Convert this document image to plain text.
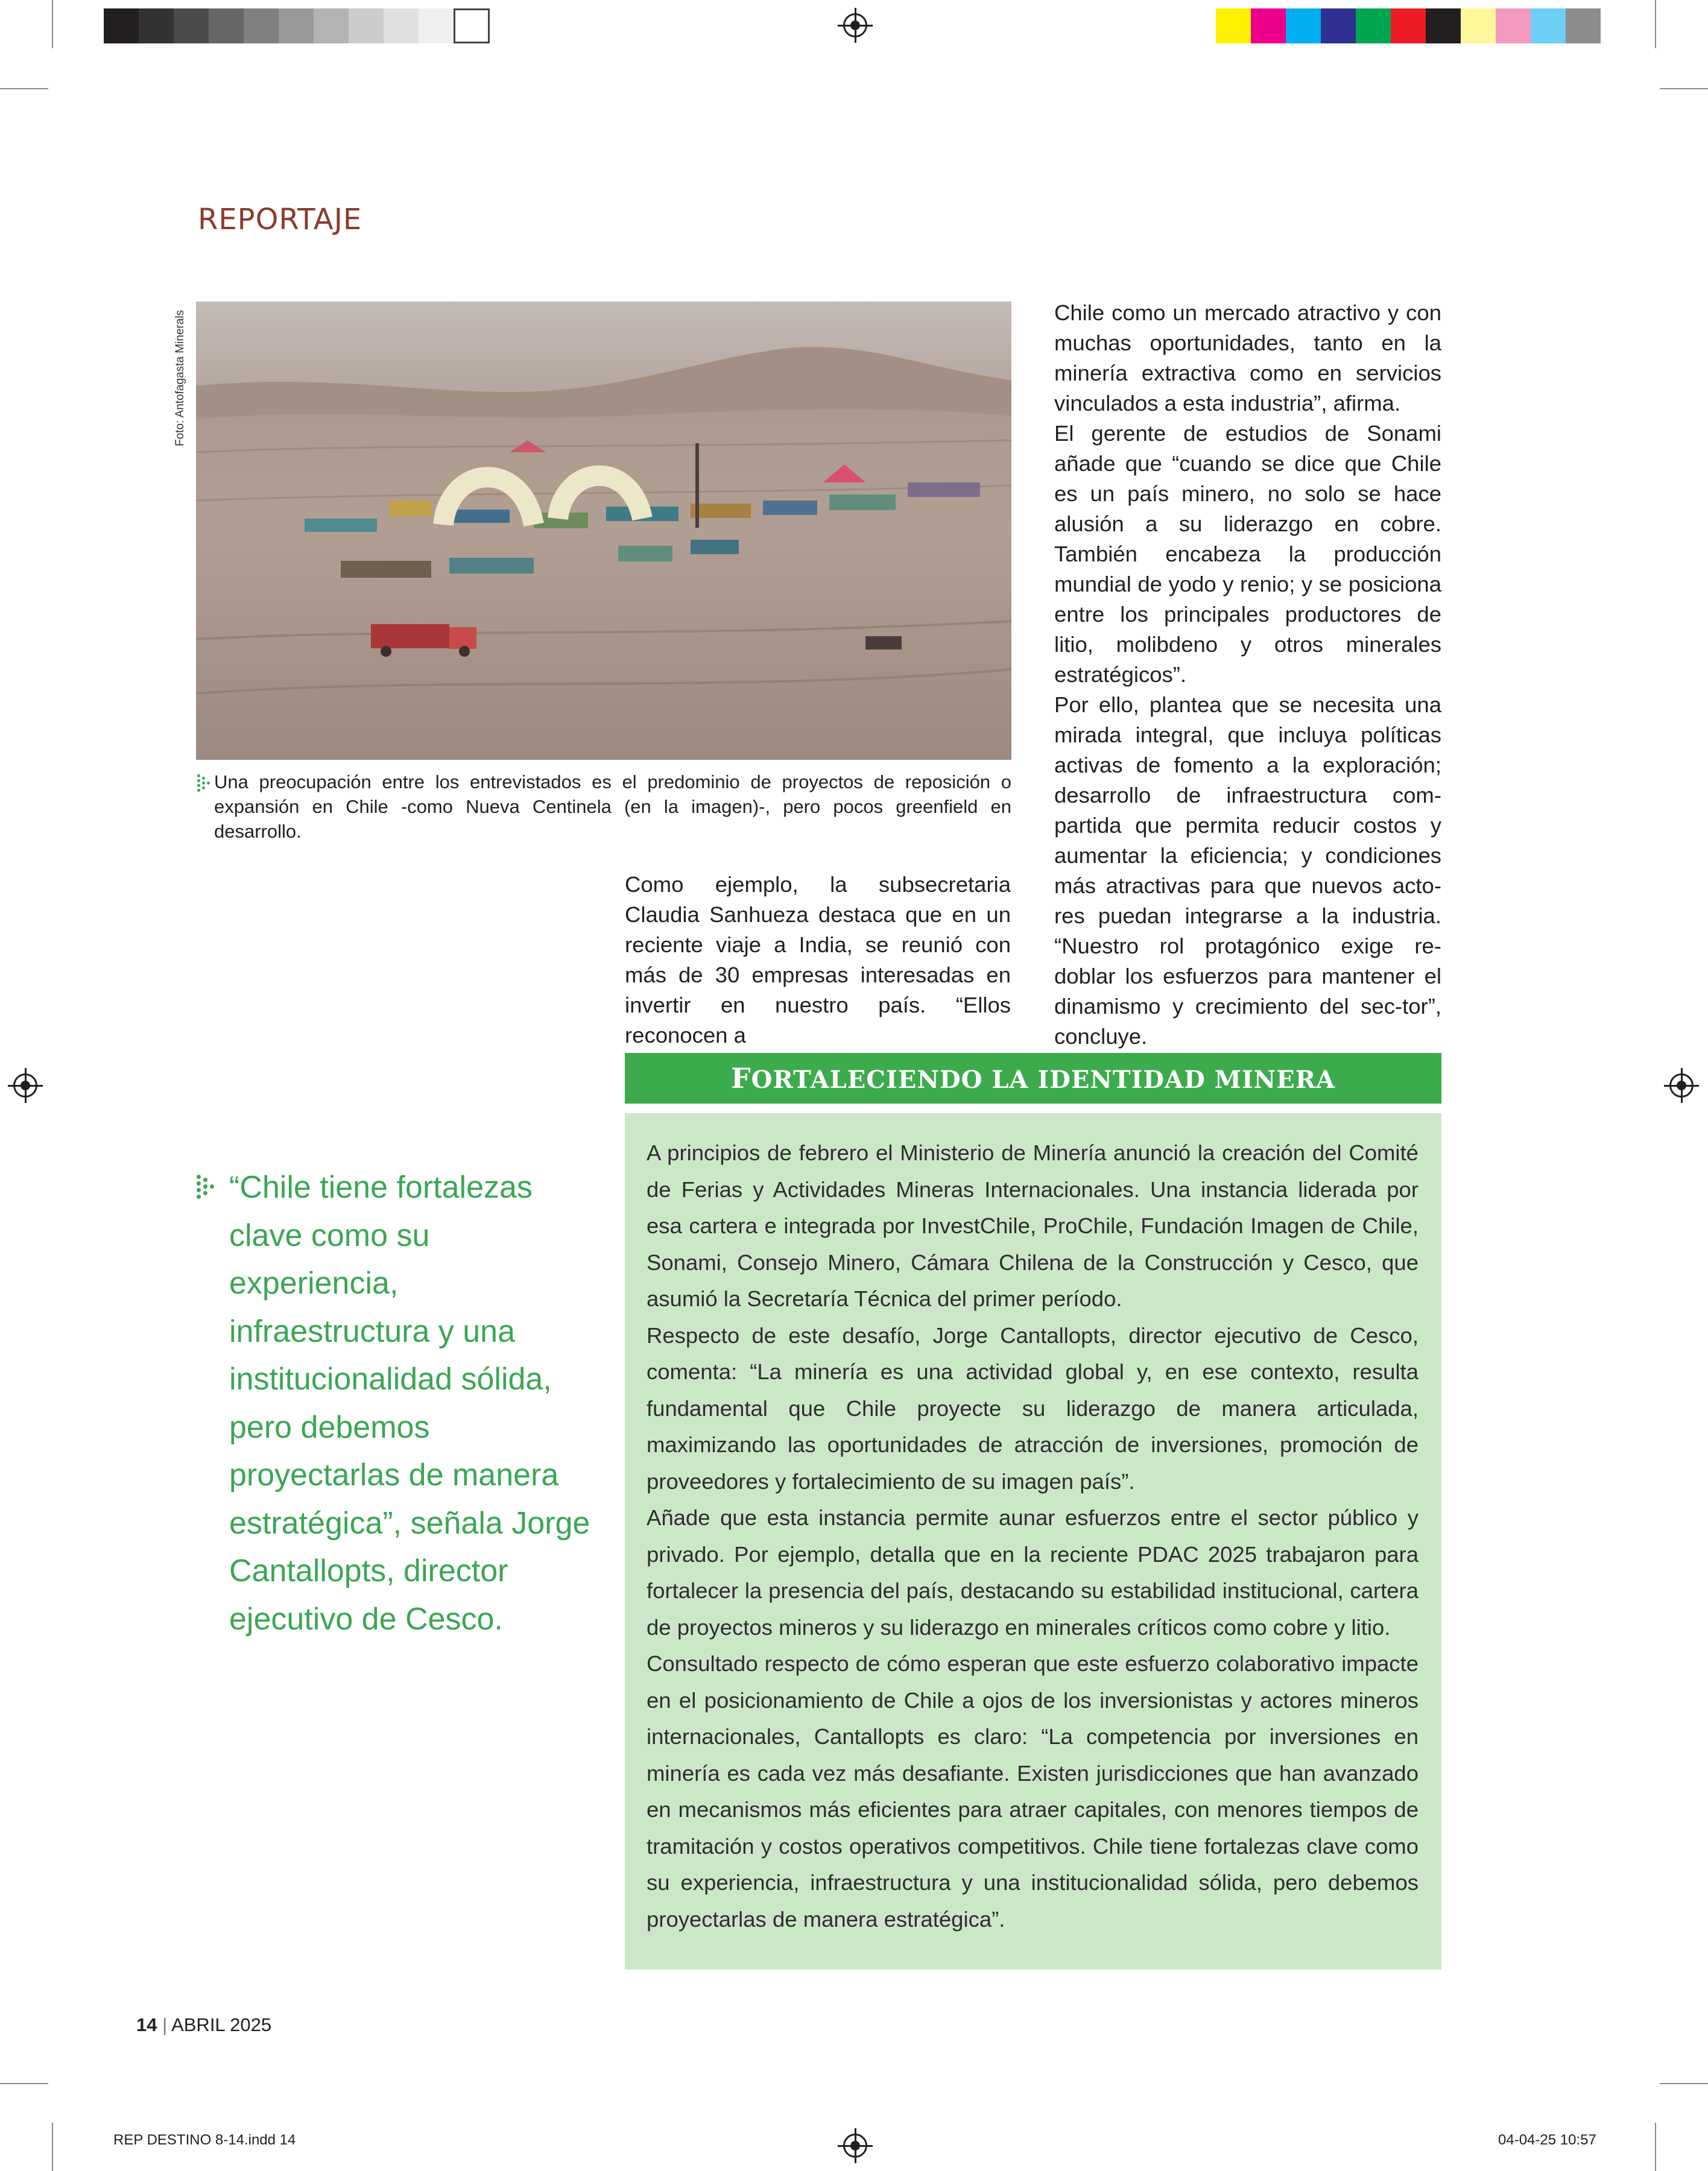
REPORTAJE
Foto: Antofagasta Minerals
Una preocupación entre los entrevistados es el predominio de proyectos de reposición o expansión en Chile -como Nueva Centinela (en la imagen)-, pero pocos greenfield en desarrollo.

Como ejemplo, la subsecretaria Claudia Sanhueza destaca que en un reciente viaje a India, se reunió con más de 30 empresas interesadas en invertir en nuestro país. “Ellos reconocen a

Chile como un mercado atractivo y con muchas oportunidades, tanto en la minería extractiva como en servicios vinculados a esta industria”, afirma.

El gerente de estudios de Sonami añade que “cuando se dice que Chile es un país minero, no solo se hace alusión a su liderazgo en cobre. También encabeza la producción mundial de yodo y renio; y se posiciona entre los principales productores de litio, molibdeno y otros minerales estratégicos”.

Por ello, plantea que se necesita una mirada integral, que incluya políticas activas de fomento a la exploración; desarrollo de infraestructura com-partida que permita reducir costos y aumentar la eficiencia; y condiciones más atractivas para que nuevos acto-res puedan integrarse a la industria. “Nuestro rol protagónico exige re-doblar los esfuerzos para mantener el dinamismo y crecimiento del sec-tor”, concluye.

FORTALECIENDO LA IDENTIDAD MINERA

A principios de febrero el Ministerio de Minería anunció la creación del Comité de Ferias y Actividades Mineras Internacionales. Una instancia liderada por esa cartera e integrada por InvestChile, ProChile, Fundación Imagen de Chile, Sonami, Consejo Minero, Cámara Chilena de la Construcción y Cesco, que asumió la Secretaría Técnica del primer período.

Respecto de este desafío, Jorge Cantallopts, director ejecutivo de Cesco, comenta: “La minería es una actividad global y, en ese contexto, resulta fundamental que Chile proyecte su liderazgo de manera articulada, maximizando las oportunidades de atracción de inversiones, promoción de proveedores y fortalecimiento de su imagen país”.

Añade que esta instancia permite aunar esfuerzos entre el sector público y privado. Por ejemplo, detalla que en la reciente PDAC 2025 trabajaron para fortalecer la presencia del país, destacando su estabilidad institucional, cartera de proyectos mineros y su liderazgo en minerales críticos como cobre y litio.

Consultado respecto de cómo esperan que este esfuerzo colaborativo impacte en el posicionamiento de Chile a ojos de los inversionistas y actores mineros internacionales, Cantallopts es claro: “La competencia por inversiones en minería es cada vez más desafiante. Existen jurisdicciones que han avanzado en mecanismos más eficientes para atraer capitales, con menores tiempos de tramitación y costos operativos competitivos. Chile tiene fortalezas clave como su experiencia, infraestructura y una institucionalidad sólida, pero debemos proyectarlas de manera estratégica”.

“Chile tiene fortalezas clave como su experiencia, infraestructura y una institucionalidad sólida, pero debemos proyectarlas de manera estratégica”, señala Jorge Cantallopts, director ejecutivo de Cesco.
14 | ABRIL 2025
REP DESTINO 8-14.indd 14	04-04-25 10:57
